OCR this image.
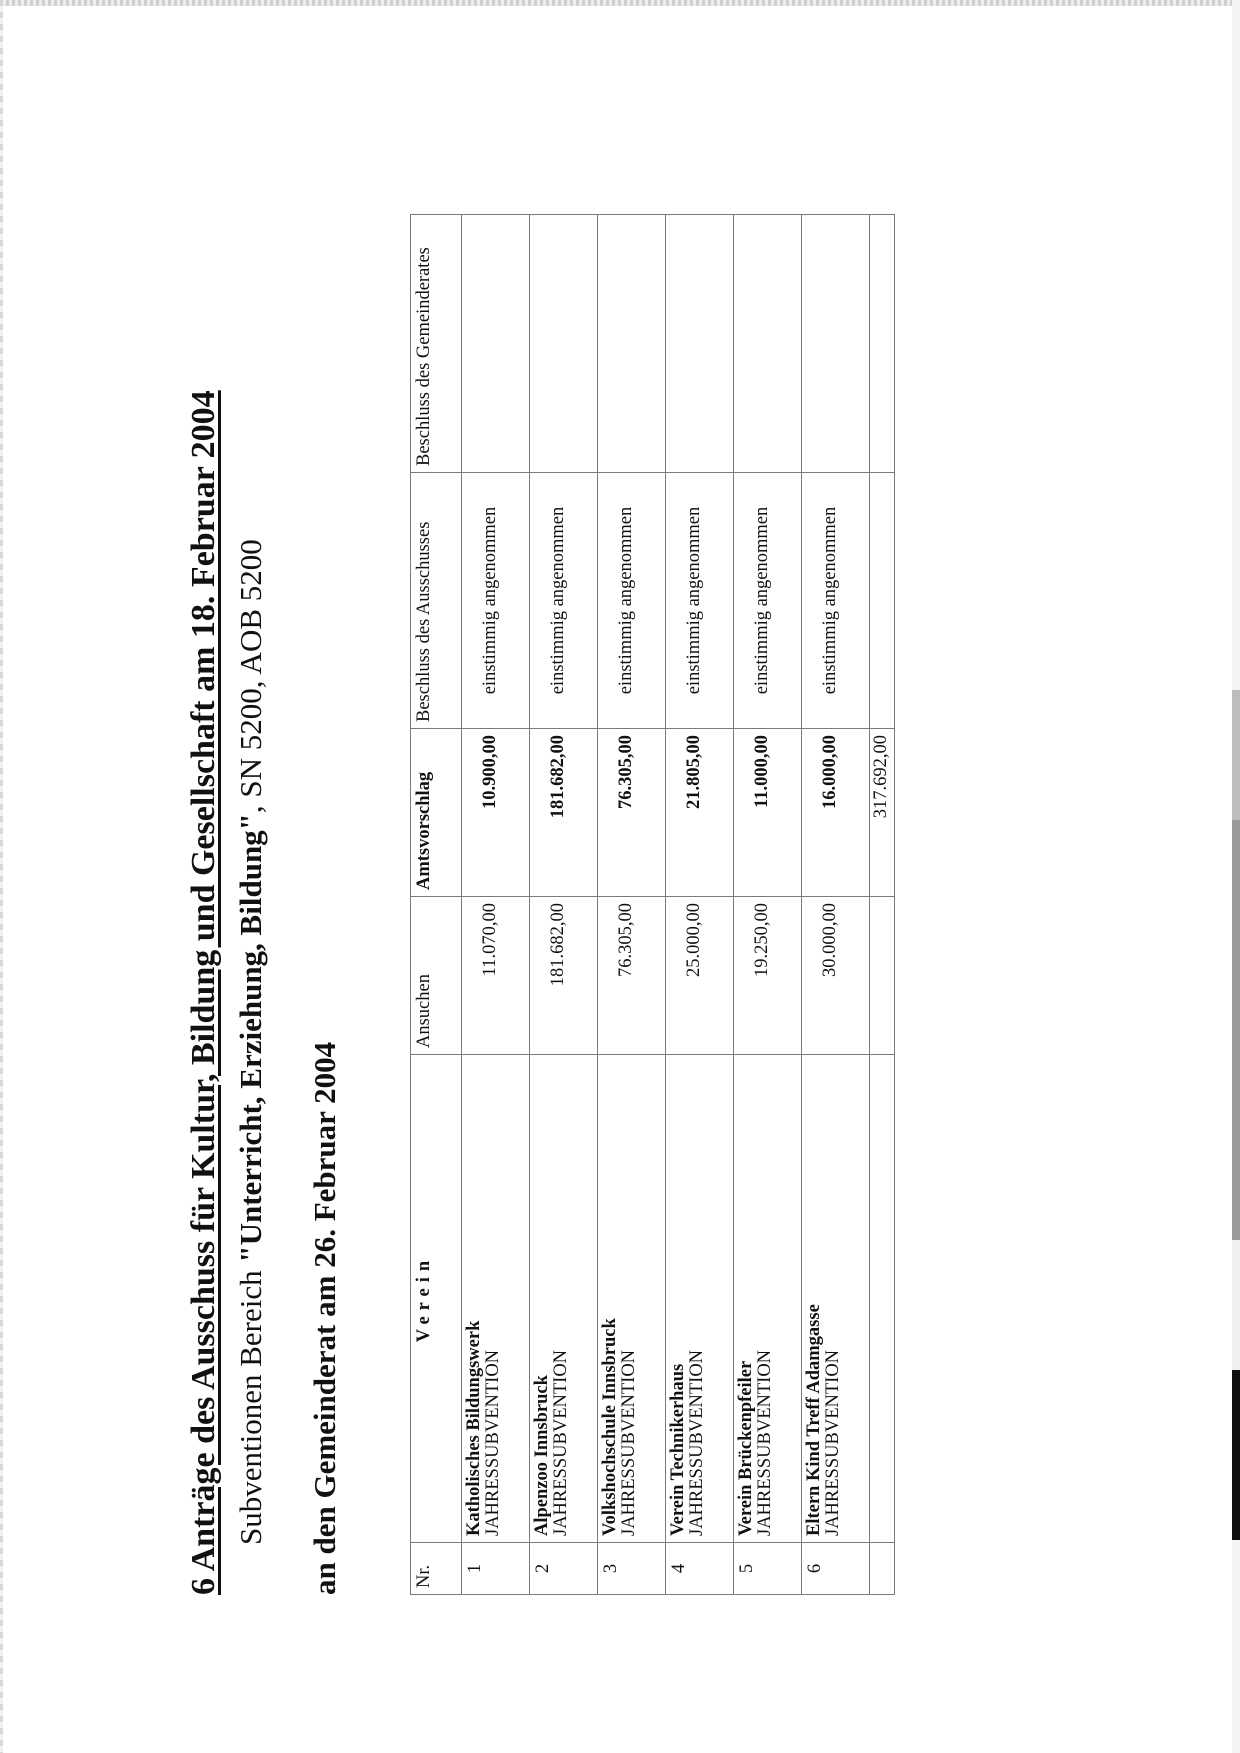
6 Anträge des Ausschuss für Kultur, Bildung und Gesellschaft am 18. Februar 2004 Subventionen Bereich "Unterricht, Erziehung, Bildung", SN 5200, AOB 5200
an den Gemeinderat am 26. Februar 2004	Nr.	Verein	Ansuchen	Amtsvorschlag	Beschluss des Ausschusses	Beschluss des Gemeinderates
1	Katholisches Bildungswerk JAHRESSUBVENTION	11.070,00	10.900,00	einstimmig angenommen	
2	Alpenzoo Innsbruck JAHRESSUBVENTION	181.682,00	181.682,00	einstimmig angenommen	
3	Volkshochschule Innsbruck JAHRESSUBVENTION	76.305,00	76.305,00	einstimmig angenommen	
4	Verein Technikerhaus JAHRESSUBVENTION	25.000,00	21.805,00	einstimmig angenommen	
5	Verein Brückenpfeiler JAHRESSUBVENTION	19.250,00	11.000,00	einstimmig angenommen	
6	Eltern Kind Treff Adamgasse JAHRESSUBVENTION	30.000,00	16.000,00	einstimmig angenommen	
			317.692,00		
